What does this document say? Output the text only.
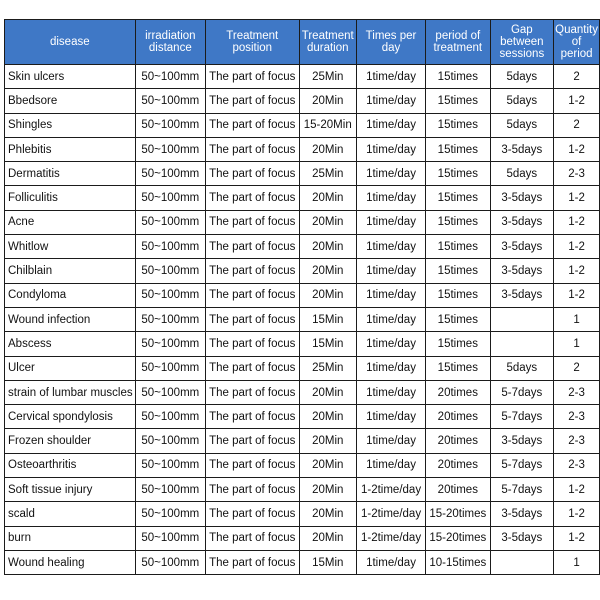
disease	irradiation distance	Treatment position	Treatment duration	Times per day	period of treatment	Gap between sessions	Quantity of period
Skin ulcers	50~100mm	The part of focus	25Min	1time/day	15times	5days	2
Bbedsore	50~100mm	The part of focus	20Min	1time/day	15times	5days	1-2
Shingles	50~100mm	The part of focus	15-20Min	1time/day	15times	5days	2
Phlebitis	50~100mm	The part of focus	20Min	1time/day	15times	3-5days	1-2
Dermatitis	50~100mm	The part of focus	25Min	1time/day	15times	5days	2-3
Folliculitis	50~100mm	The part of focus	20Min	1time/day	15times	3-5days	1-2
Acne	50~100mm	The part of focus	20Min	1time/day	15times	3-5days	1-2
Whitlow	50~100mm	The part of focus	20Min	1time/day	15times	3-5days	1-2
Chilblain	50~100mm	The part of focus	20Min	1time/day	15times	3-5days	1-2
Condyloma	50~100mm	The part of focus	20Min	1time/day	15times	3-5days	1-2
Wound infection	50~100mm	The part of focus	15Min	1time/day	15times		1
Abscess	50~100mm	The part of focus	15Min	1time/day	15times		1
Ulcer	50~100mm	The part of focus	25Min	1time/day	15times	5days	2
strain of lumbar muscles	50~100mm	The part of focus	20Min	1time/day	20times	5-7days	2-3
Cervical spondylosis	50~100mm	The part of focus	20Min	1time/day	20times	5-7days	2-3
Frozen shoulder	50~100mm	The part of focus	20Min	1time/day	20times	3-5days	2-3
Osteoarthritis	50~100mm	The part of focus	20Min	1time/day	20times	5-7days	2-3
Soft tissue injury	50~100mm	The part of focus	20Min	1-2time/day	20times	5-7days	1-2
scald	50~100mm	The part of focus	20Min	1-2time/day	15-20times	3-5days	1-2
burn	50~100mm	The part of focus	20Min	1-2time/day	15-20times	3-5days	1-2
Wound healing	50~100mm	The part of focus	15Min	1time/day	10-15times		1
